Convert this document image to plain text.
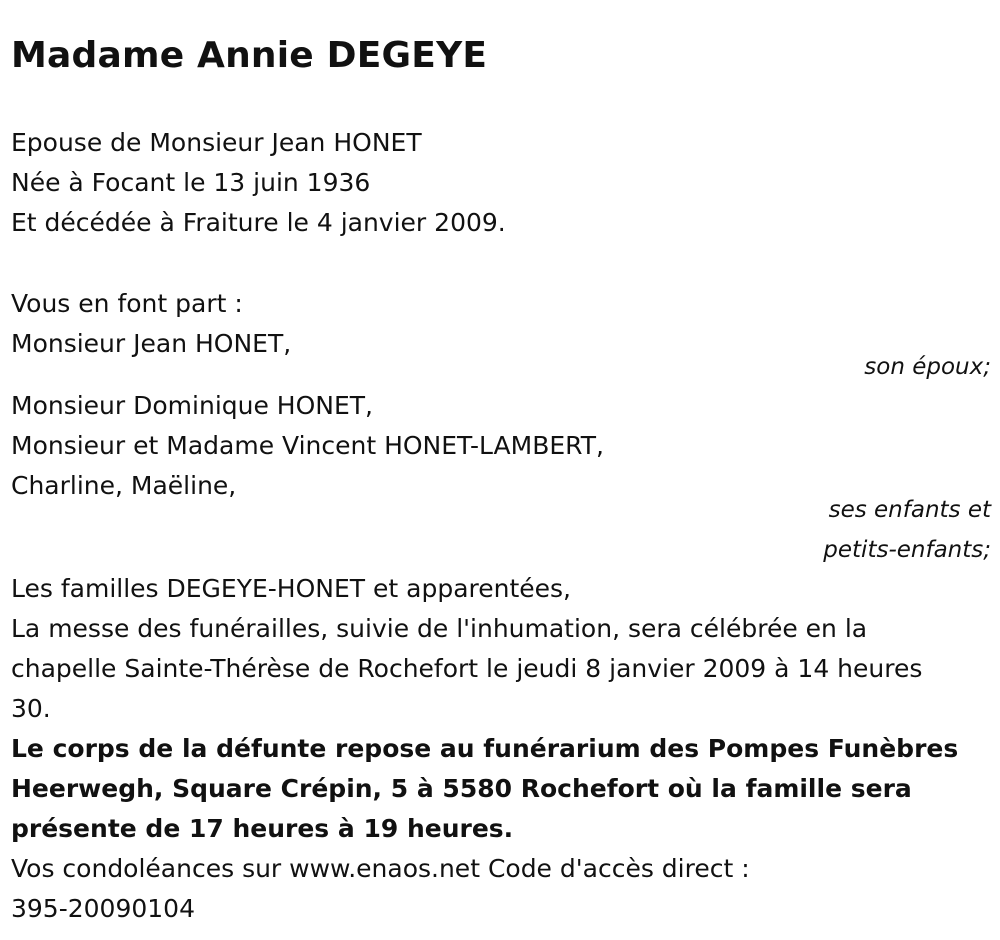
Madame Annie DEGEYE
Epouse de Monsieur Jean HONET
Née à Focant le 13 juin 1936
Et décédée à Fraiture le 4 janvier 2009.
Vous en font part :
Monsieur Jean HONET,
son époux;
Monsieur Dominique HONET,
Monsieur et Madame Vincent HONET-LAMBERT,
Charline, Maëline,
ses enfants et
petits-enfants;
Les familles DEGEYE-HONET et apparentées,
La messe des funérailles, suivie de l'inhumation, sera célébrée en la
chapelle Sainte-Thérèse de Rochefort le jeudi 8 janvier 2009 à 14 heures
30.
Le corps de la défunte repose au funérarium des Pompes Funèbres
Heerwegh, Square Crépin, 5 à 5580 Rochefort où la famille sera
présente de 17 heures à 19 heures.
Vos condoléances sur www.enaos.net Code d'accès direct :
395-20090104
